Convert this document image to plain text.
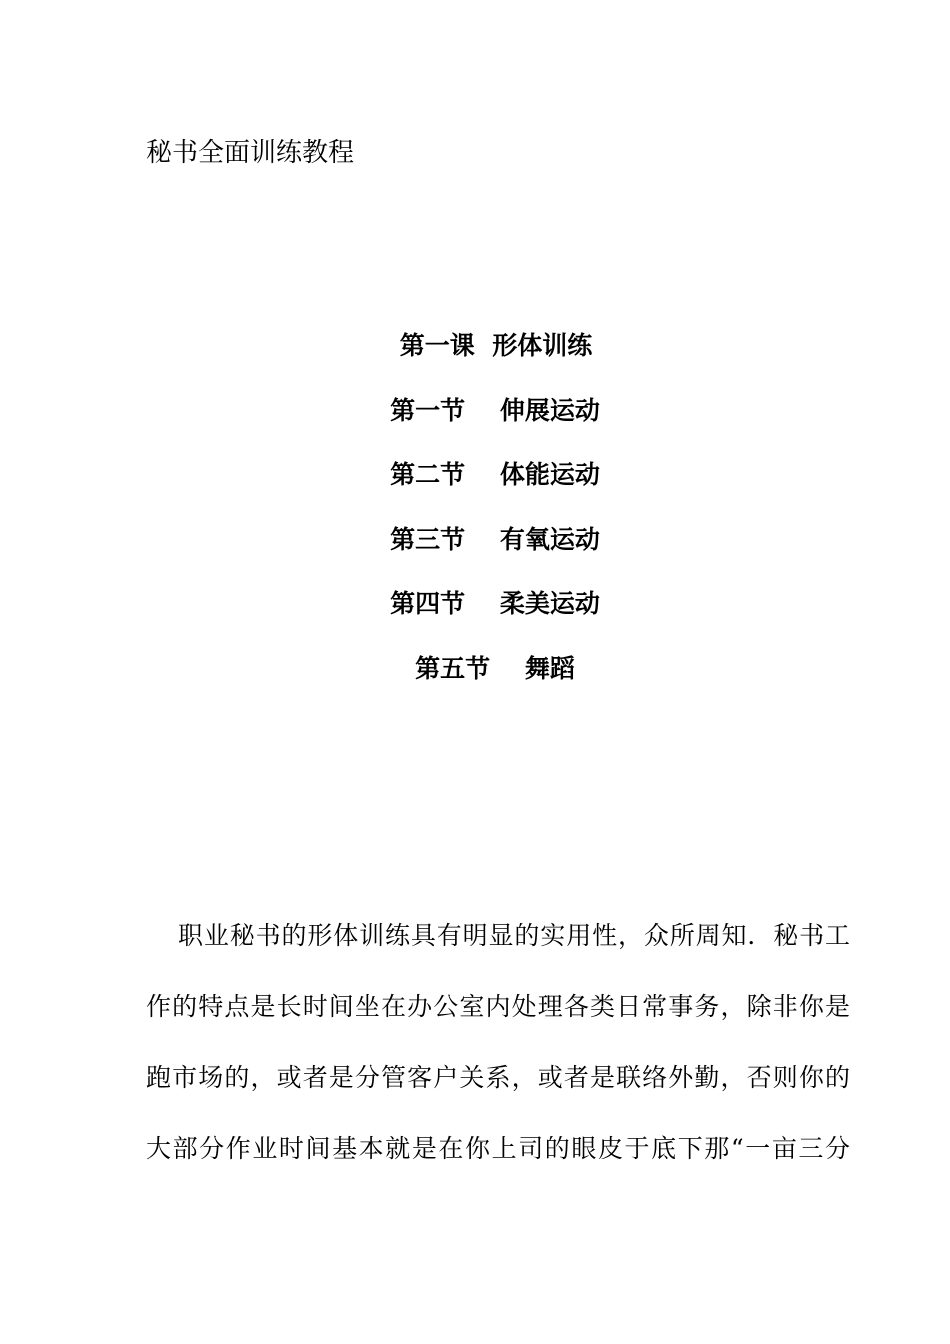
秘书全面训练教程
第一课  形体训练
第一节    伸展运动
第二节    体能运动
第三节    有氧运动
第四节    柔美运动
第五节    舞蹈
职业秘书的形体训练具有明显的实用性，众所周知．秘书工
作的特点是长时间坐在办公室内处理各类日常事务，除非你是
跑市场的，或者是分管客户关系，或者是联络外勤，否则你的
大部分作业时间基本就是在你上司的眼皮于底下那“一亩三分
